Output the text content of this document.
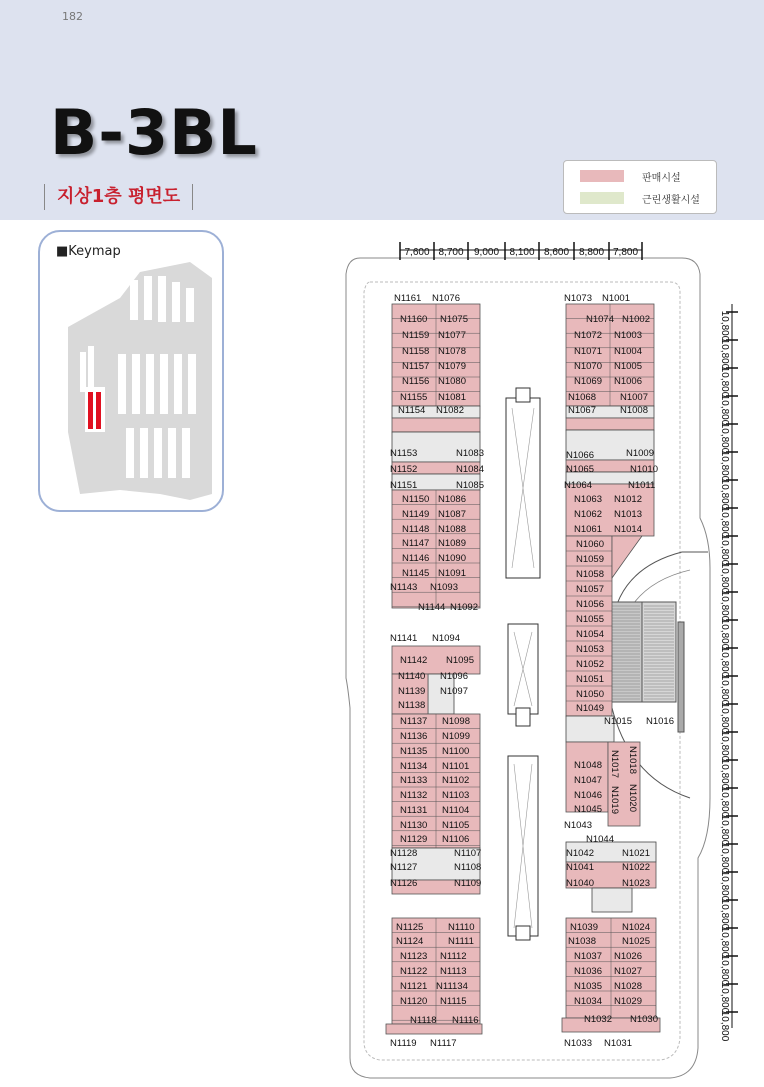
182
B-3BL
지상1층 평면도
판매시설
근린생활시설
■Keymap	7,600 8,700 9,000 8,100 8,600 8,800 7,800
10,800
10,800
10,800
10,800
10,800
10,800
10,800
10,800
10,800
10,800
10,800
10,800
10,800
10,800
10,800
10,800
10,800
10,800
10,800
10,800
10,800
10,800
10,800
10,800
10,800
10,800
N1161 N1076
N1160 N1075
N1159 N1077
N1158 N1078
N1157 N1079
N1156 N1080
N1155 N1081
N1154 N1082
N1153	N1083
N1152	N1084
N1151	N1085
N1150 N1086
N1149 N1087
N1148 N1088
N1147 N1089
N1146 N1090
N1145 N1091
N1143 N1093
N1144 N1092
N1141 N1094
N1142 N1095
N1140 N1096
N1139 N1097
N1138
N1137 N1098
N1136 N1099
N1135 N1100
N1134 N1101
N1133 N1102
N1132 N1103
N1131 N1104
N1130 N1105
N1129 N1106
N1128	N1107
N1127	N1108
N1126	N1109
N1125	N1110
N1124	N1111
N1123 N1112
N1122 N1113
N1121 N11134
N1120 N1115
N1118 N1116
N1119 N1117
N1073 N1001
N1074 N1002
N1072 N1003
N1071 N1004
N1070 N1005
N1069 N1006
N1068	N1007
N1067	N1008
N1066	N1009
N1065	N1010
N1064	N1011
N1063 N1012
N1062 N1013
N1061 N1014
N1060
N1059
N1058
N1057
N1056
N1055
N1054
N1053
N1052
N1051
N1050
N1049
N1015 N1016
N1048
N1047
N1046
N1045
N1043
N1044
N1017 N1018
N1019 N1020
N1042	N1021
N1041	N1022
N1040	N1023
N1039	N1024
N1038	N1025
N1037 N1026
N1036 N1027
N1035 N1028
N1034 N1029
N1032 N1030
N1033 N1031
